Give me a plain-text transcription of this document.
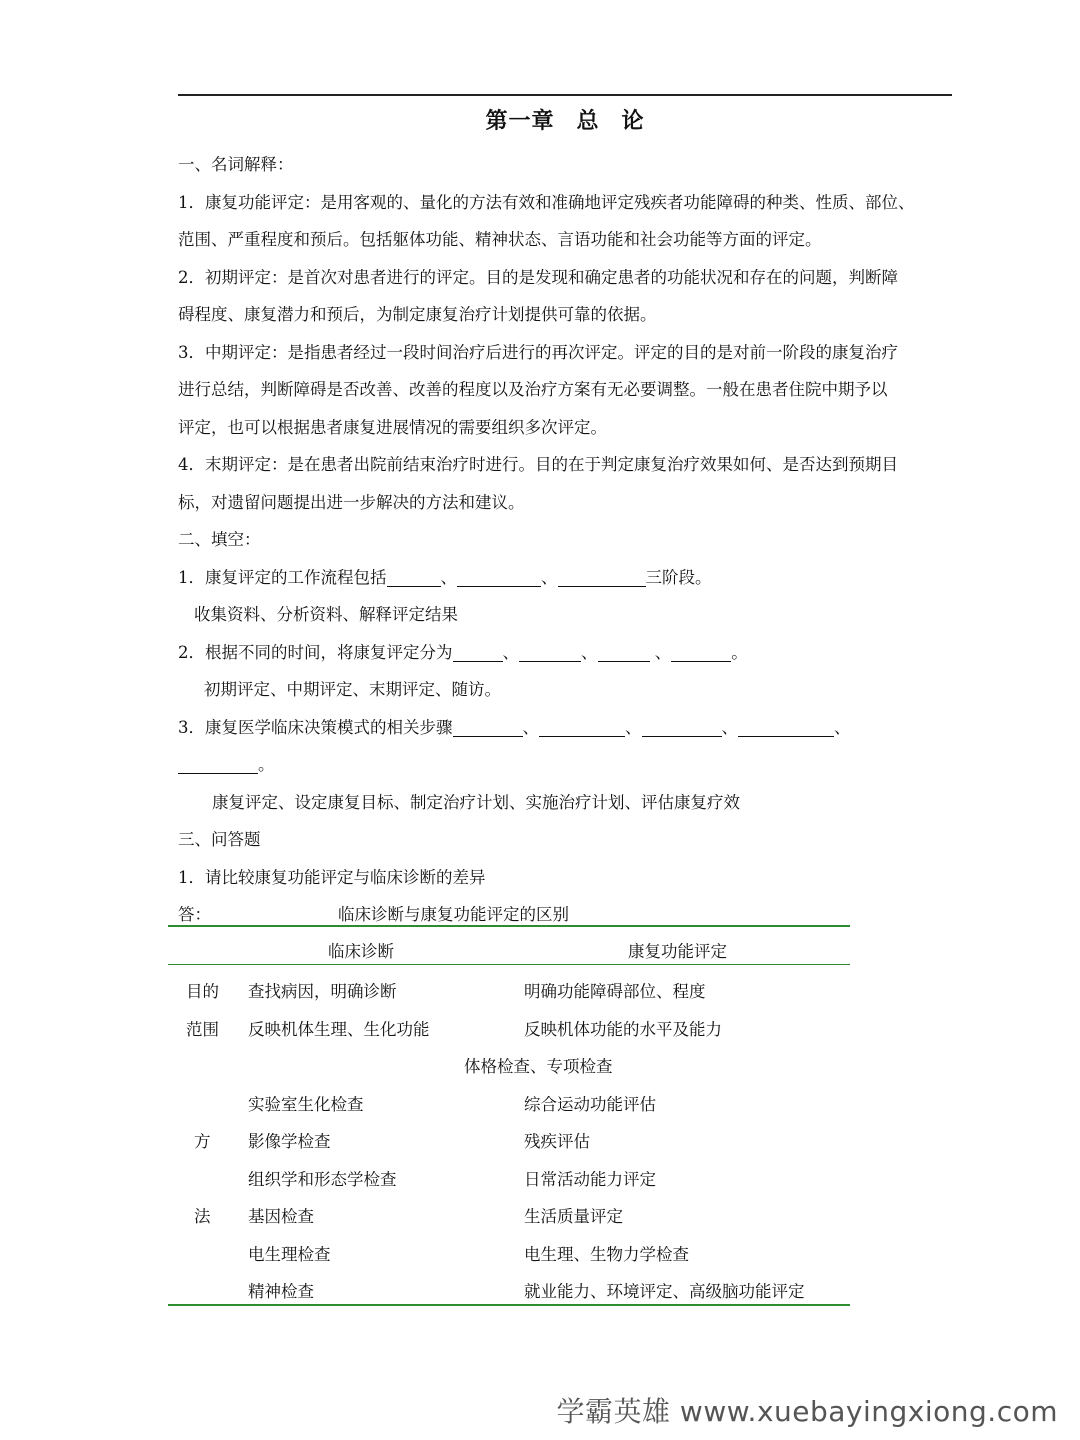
第一章 总 论

一、名词解释：

1．康复功能评定：是用客观的、量化的方法有效和准确地评定残疾者功能障碍的种类、性质、部位、

范围、严重程度和预后。包括躯体功能、精神状态、言语功能和社会功能等方面的评定。

2．初期评定：是首次对患者进行的评定。目的是发现和确定患者的功能状况和存在的问题，判断障

碍程度、康复潜力和预后，为制定康复治疗计划提供可靠的依据。

3．中期评定：是指患者经过一段时间治疗后进行的再次评定。评定的目的是对前一阶段的康复治疗

进行总结，判断障碍是否改善、改善的程度以及治疗方案有无必要调整。一般在患者住院中期予以

评定，也可以根据患者康复进展情况的需要组织多次评定。

4．末期评定：是在患者出院前结束治疗时进行。目的在于判定康复治疗效果如何、是否达到预期目

标，对遗留问题提出进一步解决的方法和建议。

二、填空：

1．康复评定的工作流程包括	、	、	三阶段。

收集资料、分析资料、解释评定结果

2．根据不同的时间，将康复评定分为	、	、	、	。

初期评定、中期评定、末期评定、随访。

3．康复医学临床决策模式的相关步骤	、	、	、	、

。

康复评定、设定康复目标、制定治疗计划、实施治疗计划、评估康复疗效

三、问答题

1．请比较康复功能评定与临床诊断的差异

答：	临床诊断与康复功能评定的区别
临床诊断	康复功能评定
目的 查找病因，明确诊断	明确功能障碍部位、程度
范围 反映机体生理、生化功能	反映机体功能的水平及能力
体格检查、专项检查
实验室生化检查	综合运动功能评估
方 影像学检查	残疾评估
组织学和形态学检查	日常活动能力评定
法 基因检查	生活质量评定
电生理检查	电生理、生物力学检查
精神检查	就业能力、环境评定、高级脑功能评定
学霸英雄 www.xuebayingxiong.com
